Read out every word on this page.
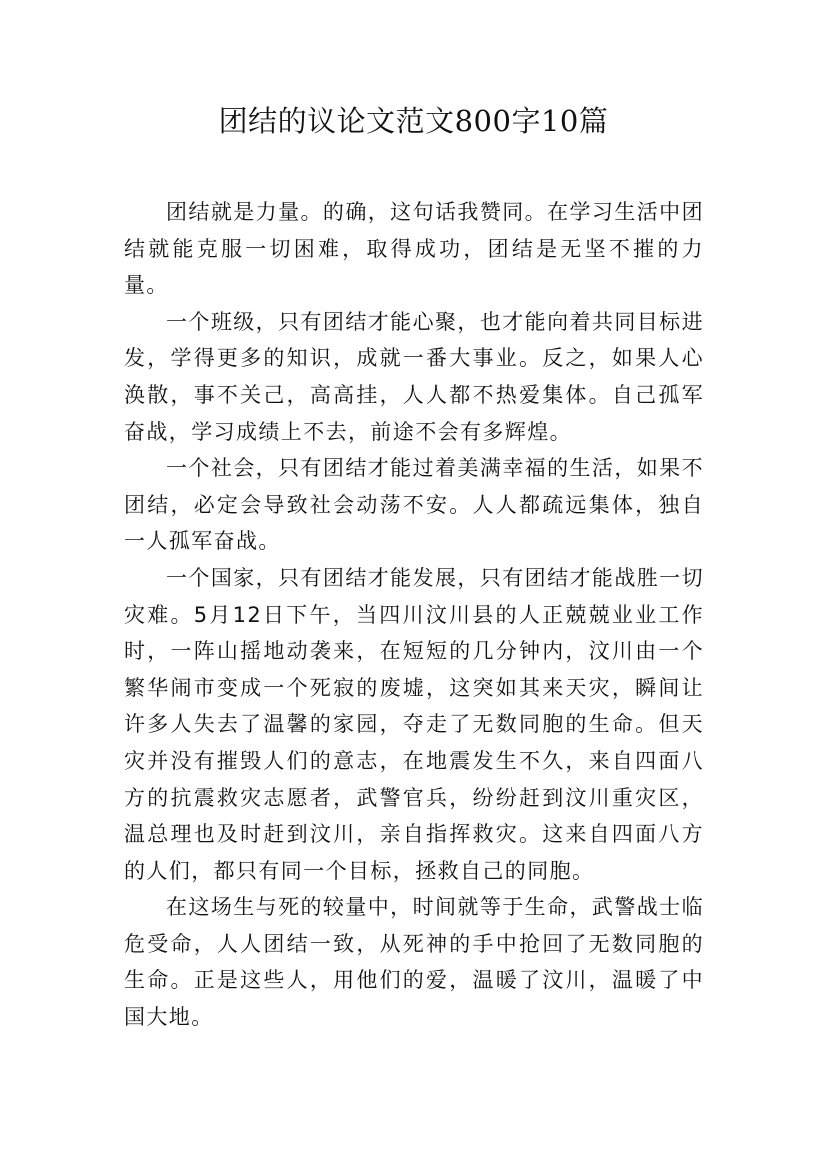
团结的议论文范文800字10篇

团结就是力量。的确，这句话我赞同。在学习生活中团结就能克服一切困难，取得成功，团结是无坚不摧的力量。

一个班级，只有团结才能心聚，也才能向着共同目标进发，学得更多的知识，成就一番大事业。反之，如果人心涣散，事不关己，高高挂，人人都不热爱集体。自己孤军奋战，学习成绩上不去，前途不会有多辉煌。

一个社会，只有团结才能过着美满幸福的生活，如果不团结，必定会导致社会动荡不安。人人都疏远集体，独自一人孤军奋战。

一个国家，只有团结才能发展，只有团结才能战胜一切灾难。5月12日下午，当四川汶川县的人正兢兢业业工作时，一阵山摇地动袭来，在短短的几分钟内，汶川由一个繁华闹市变成一个死寂的废墟，这突如其来天灾，瞬间让许多人失去了温馨的家园，夺走了无数同胞的生命。但天灾并没有摧毁人们的意志，在地震发生不久，来自四面八方的抗震救灾志愿者，武警官兵，纷纷赶到汶川重灾区，温总理也及时赶到汶川，亲自指挥救灾。这来自四面八方的人们，都只有同一个目标，拯救自己的同胞。

在这场生与死的较量中，时间就等于生命，武警战士临危受命，人人团结一致，从死神的手中抢回了无数同胞的生命。正是这些人，用他们的爱，温暖了汶川，温暖了中国大地。
